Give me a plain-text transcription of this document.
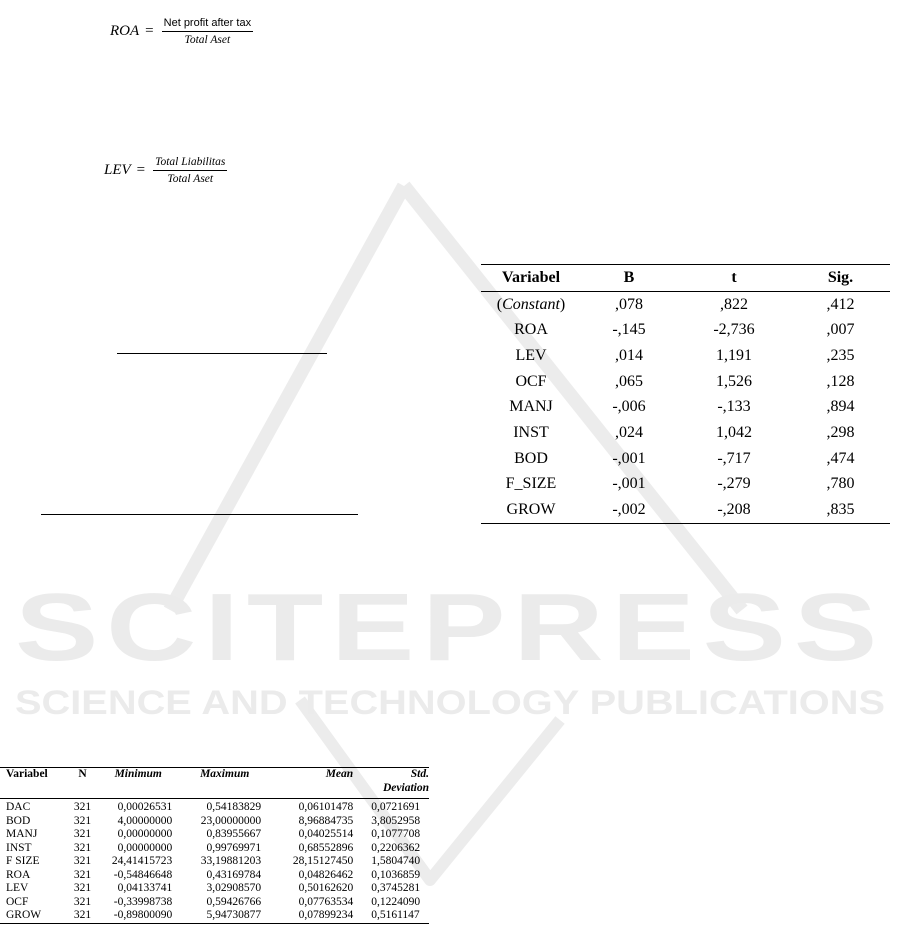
SCITEPRESS
SCIENCE AND TECHNOLOGY PUBLICATIONS
ROA = $\frac{\text{Net profit after tax}}{\text{Total Aset}}$
LEV = $\frac{\text{Total Liabilitas}}{\text{Total Aset}}$
Variabel	B	t	Sig.
(Constant)	,078	,822	,412
ROA	-,145	-2,736	,007
LEV	,014	1,191	,235
OCF	,065	1,526	,128
MANJ	-,006	-,133	,894
INST	,024	1,042	,298
BOD	-,001	-,717	,474
F_SIZE	-,001	-,279	,780
GROW	-,002	-,208	,835
Variabel	N	Minimum	Maximum	Mean	Std.
Deviation
DAC	321	0,00026531	0,54183829	0,06101478	0,0721691
BOD	321	4,00000000	23,00000000	8,96884735	3,8052958
MANJ	321	0,00000000	0,83955667	0,04025514	0,1077708
INST	321	0,00000000	0,99769971	0,68552896	0,2206362
F SIZE	321	24,41415723	33,19881203	28,15127450	1,5804740
ROA	321	-0,54846648	0,43169784	0,04826462	0,1036859
LEV	321	0,04133741	3,02908570	0,50162620	0,3745281
OCF	321	-0,33998738	0,59426766	0,07763534	0,1224090
GROW	321	-0,89800090	5,94730877	0,07899234	0,5161147
